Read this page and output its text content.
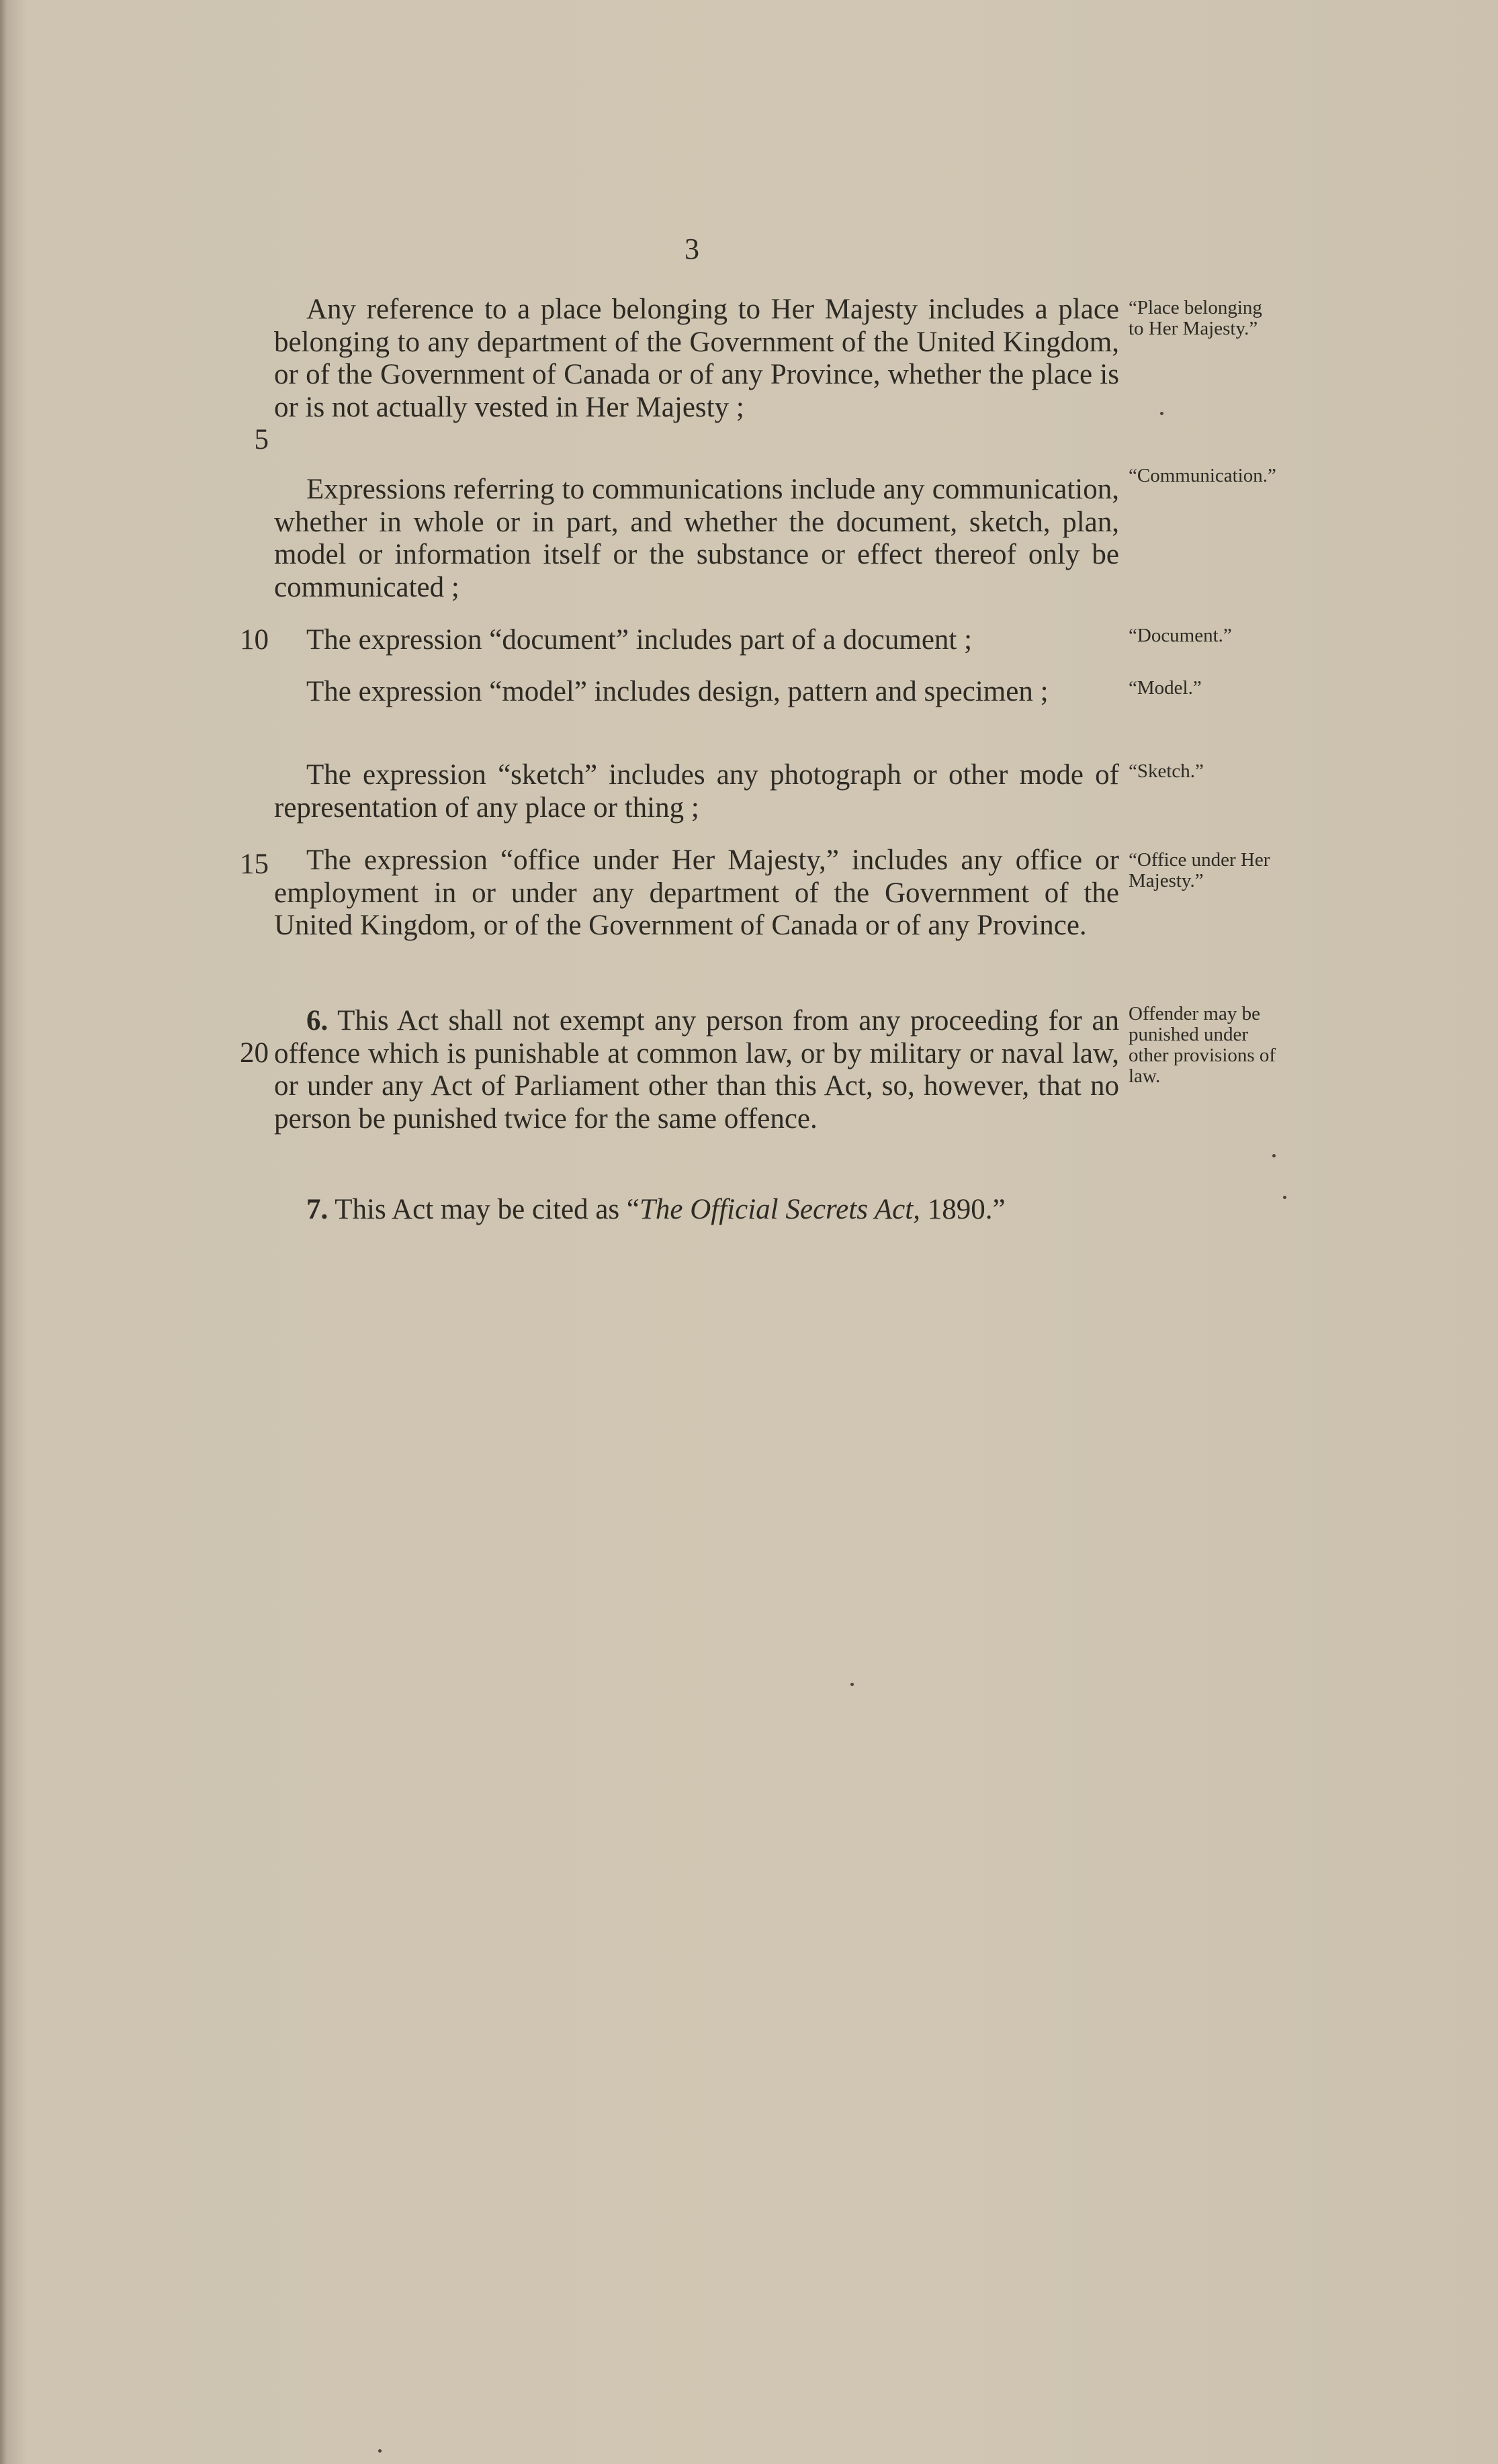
3

Any reference to a place belonging to Her Majesty includes a place belonging to any department of the Government of the United Kingdom, or of the Government of Canada or of any Province, whether the place is or is not actually vested in Her Majesty ;

5
“Place belonging to Her Majesty.”

Expressions referring to communications include any communication, whether in whole or in part, and whether the document, sketch, plan, model or information itself or the substance or effect thereof only be communicated ;

“Communication.”

The expression “document” includes part of a document ;

10	“Document.”

The expression “model” includes design, pattern and specimen ;	“Model.”

The expression “sketch” includes any photograph or other mode of representation of any place or thing ;

“Sketch.”

The expression “office under Her Majesty,” includes any office or employment in or under any department of the Government of the United Kingdom, or of the Government of Canada or of any Province.

15	“Office under Her Majesty.”

6. This Act shall not exempt any person from any proceeding for an offence which is punishable at common law, or by military or naval law, or under any Act of Parliament other than this Act, so, however, that no person be punished twice for the same offence.

20
Offender may be punished under other provisions of law.

7. This Act may be cited as “The Official Secrets Act, 1890.”
